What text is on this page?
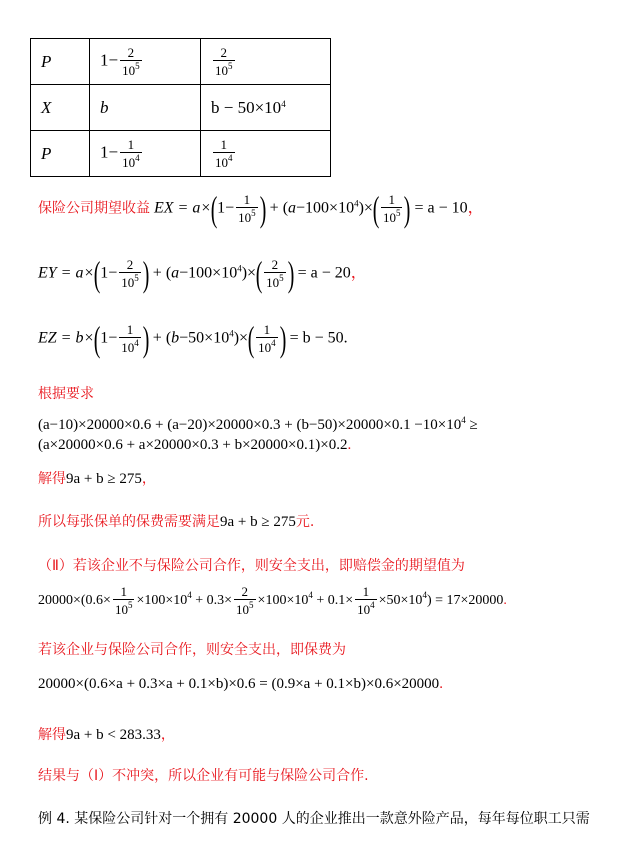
P	$1- \frac{2}{10^5}$	$\frac{2}{10^5}$

X	b	$b - 50\times 10^4$
P	$1- \frac{1}{10^4}$	$\frac{1}{10^4}$
保险公司期望收益 EX = $a\times(1- \frac{1}{10^5}$ ) + $(a-100\times 10^4)\times( \frac{1}{10^5}$ ) = a − 10，
EY = $a\times(1- \frac{2}{10^5}$ ) + $(a-100\times 10^4)\times( \frac{2}{10^5}$ ) = a − 20，
EZ = $b\times(1- \frac{1}{10^4}$ ) + $(b-50\times 10^4)\times( \frac{1}{10^4}$ ) = b − 50.
根据要求
$(a-10)\times 20000\times 0.6 + (a-20)\times 20000\times 0.3 + (b-50)\times 20000\times 0.1 -10\times 10^4$ ≥
(a×20000×0.6 + a×20000×0.3 + b×20000×0.1)×0.2.
解得9a + b ≥ 275，
所以每张保单的保费需要满足9a + b ≥ 275元.
（Ⅱ）若该企业不与保险公司合作，则安全支出，即赔偿金的期望值为
$20000\times(0.6\times \frac{1}{10^5} \times 100\times 10^4 + 0.3\times \frac{2}{10^5} \times 100\times 10^4 + 0.1\times \frac{1}{10^4} \times 50\times 10^4) = 17\times 20000$.
若该企业与保险公司合作，则安全支出，即保费为
20000×(0.6×a + 0.3×a + 0.1×b)×0.6 = (0.9×a + 0.1×b)×0.6×20000.
解得9a + b < 283.33，
结果与（Ⅰ）不冲突，所以企业有可能与保险公司合作.
例 4. 某保险公司针对一个拥有 20000 人的企业推出一款意外险产品，每年每位职工只需
